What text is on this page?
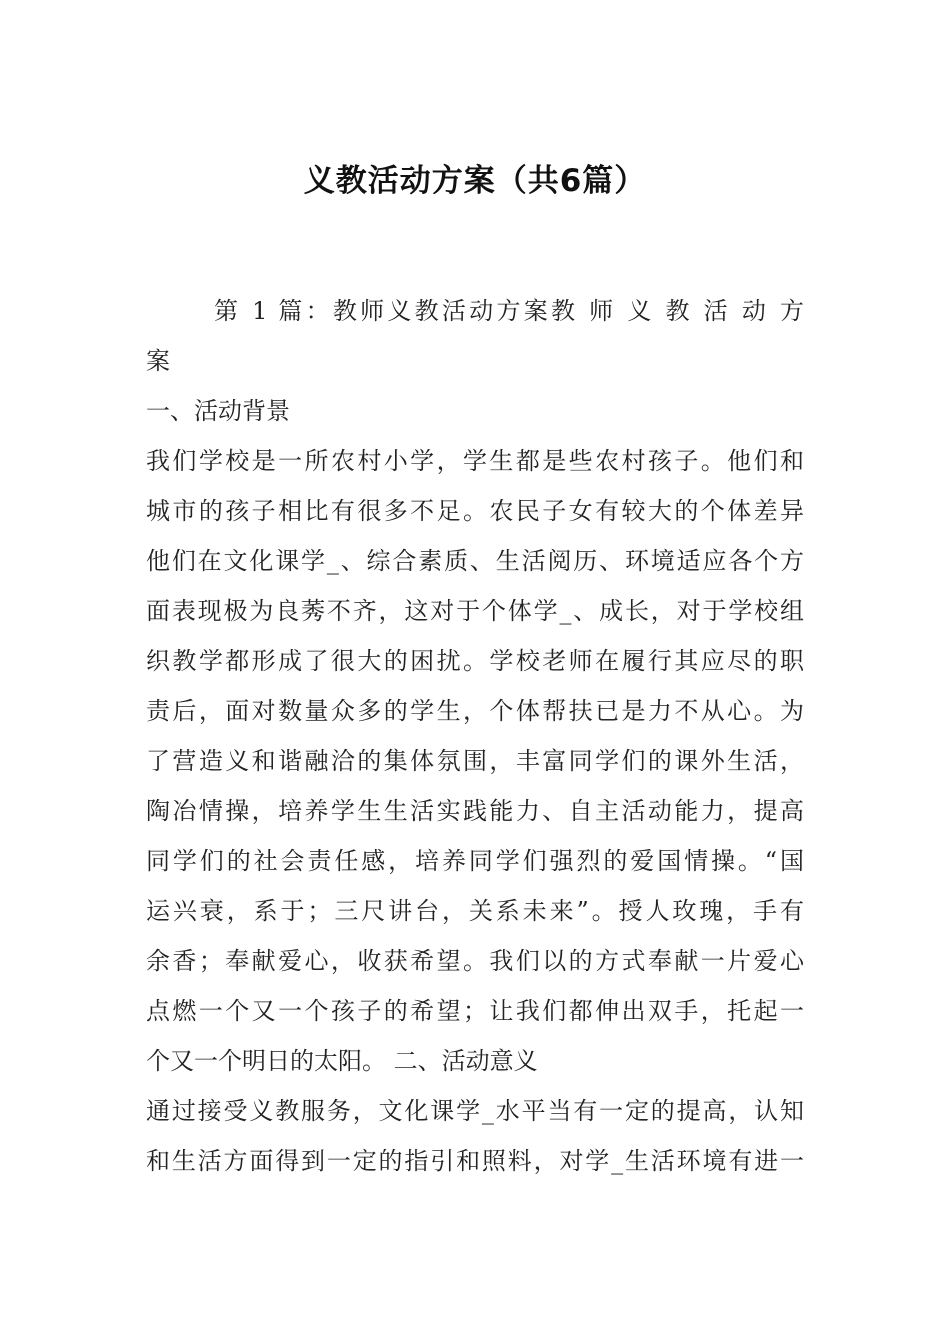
义教活动方案（共6篇）
第 1 篇：教师义教活动方案教 师 义 教 活 动 方
案
一、活动背景
我们学校是一所农村小学，学生都是些农村孩子。他们和
城市的孩子相比有很多不足。农民子女有较大的个体差异
他们在文化课学_、综合素质、生活阅历、环境适应各个方
面表现极为良莠不齐，这对于个体学_、成长，对于学校组
织教学都形成了很大的困扰。学校老师在履行其应尽的职
责后，面对数量众多的学生，个体帮扶已是力不从心。为
了营造义和谐融洽的集体氛围，丰富同学们的课外生活，
陶冶情操，培养学生生活实践能力、自主活动能力，提高
同学们的社会责任感，培养同学们强烈的爱国情操。“国
运兴衰，系于；三尺讲台，关系未来”。授人玫瑰，手有
余香；奉献爱心，收获希望。我们以的方式奉献一片爱心
点燃一个又一个孩子的希望；让我们都伸出双手，托起一
个又一个明日的太阳。 二、活动意义
通过接受义教服务，文化课学_水平当有一定的提高，认知
和生活方面得到一定的指引和照料，对学_生活环境有进一
